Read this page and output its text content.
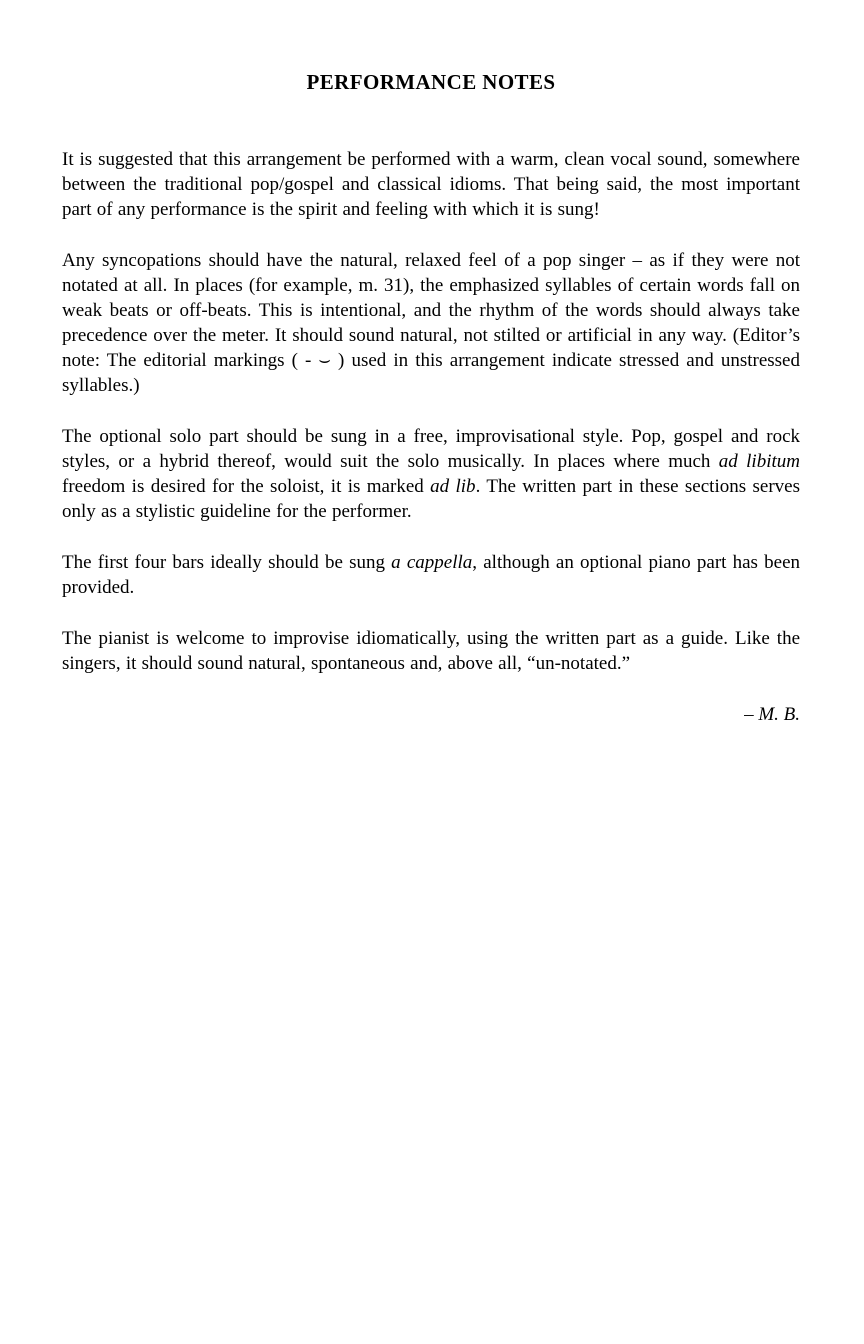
PERFORMANCE NOTES

It is suggested that this arrangement be performed with a warm, clean vocal sound, somewhere between the traditional pop/gospel and classical idioms. That being said, the most important part of any performance is the spirit and feeling with which it is sung!

Any syncopations should have the natural, relaxed feel of a pop singer – as if they were not notated at all. In places (for example, m. 31), the emphasized syllables of certain words fall on weak beats or off-beats. This is intentional, and the rhythm of the words should always take precedence over the meter. It should sound natural, not stilted or artificial in any way. (Editor’s note: The editorial markings ( - ⌣ ) used in this arrangement indicate stressed and unstressed syllables.)

The optional solo part should be sung in a free, improvisational style. Pop, gospel and rock styles, or a hybrid thereof, would suit the solo musically. In places where much ad libitum freedom is desired for the soloist, it is marked ad lib. The written part in these sections serves only as a stylistic guideline for the performer.

The first four bars ideally should be sung a cappella, although an optional piano part has been provided.

The pianist is welcome to improvise idiomatically, using the written part as a guide. Like the singers, it should sound natural, spontaneous and, above all, “un-notated.”

– M. B.
